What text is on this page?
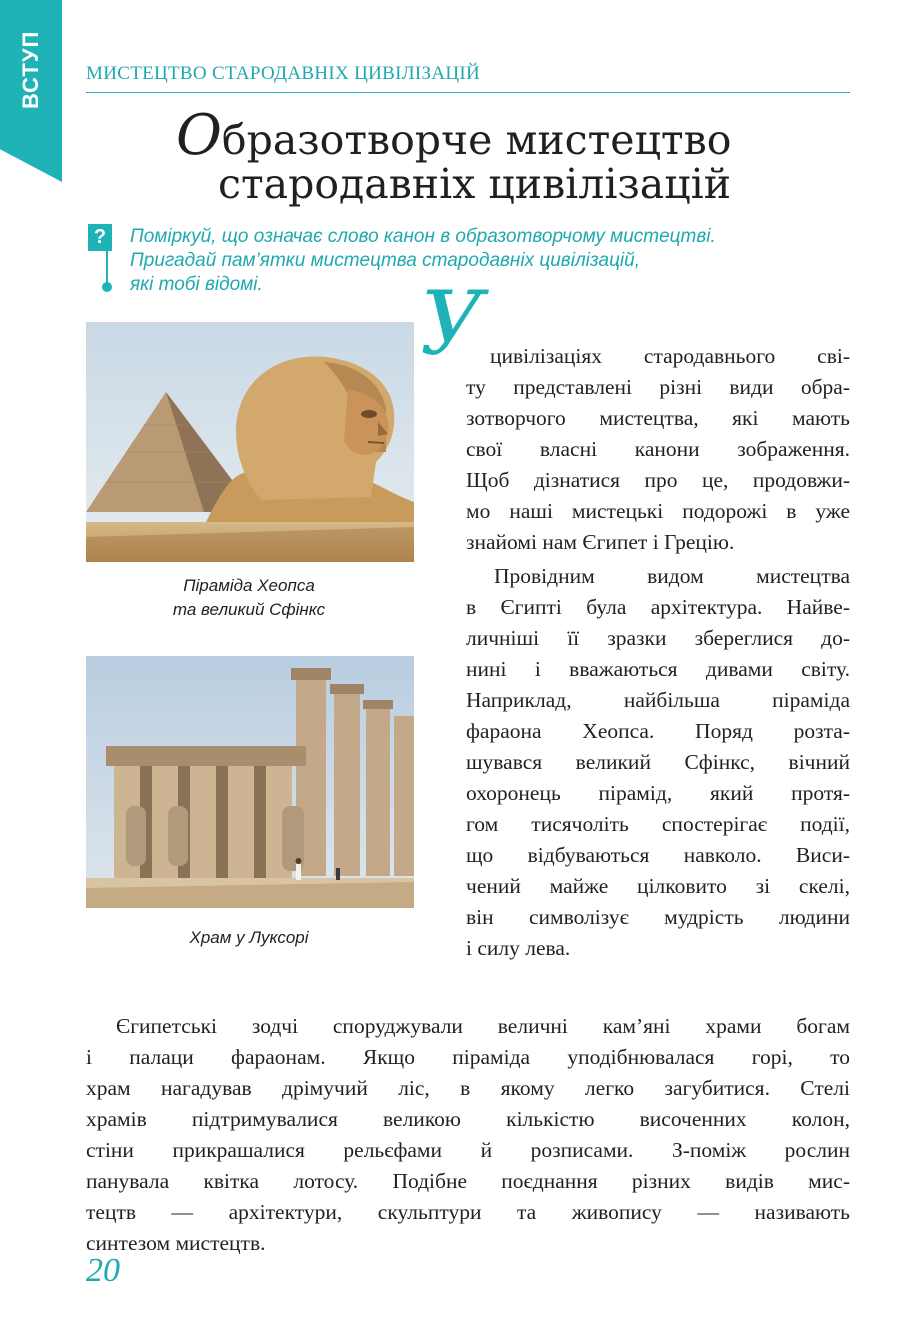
ВСТУП	МИСТЕЦТВО СТАРОДАВНІХ ЦИВІЛІЗАЦІЙ
Образотворче мистецтво
стародавніх цивілізацій
?	Поміркуй, що означає слово канон в образотворчому мистецтві.
Пригадай пам’ятки мистецтва стародавніх цивілізацій,
які тобі відомі.
Піраміда Хеопса
та великий Сфінкс
Храм у Луксорі
У цивілізаціях стародавнього сві-
ту представлені різні види обра-
зотворчого мистецтва, які мають
свої власні канони зображення.
Щоб дізнатися про це, продовжи-
мо наші мистецькі подорожі в уже
знайомі нам Єгипет і Грецію.
Провідним видом мистецтва
в Єгипті була архітектура. Найве-
личніші її зразки збереглися до-
нині і вважаються дивами світу.
Наприклад, найбільша піраміда
фараона Хеопса. Поряд розта-
шувався великий Сфінкс, вічний
охоронець пірамід, який протя-
гом тисячоліть спостерігає події,
що відбуваються навколо. Виси-
чений майже цілковито зі скелі,
він символізує мудрість людини
і силу лева.
Єгипетські зодчі споруджували величні кам’яні храми богам
і палаци фараонам. Якщо піраміда уподібнювалася горі, то
храм нагадував дрімучий ліс, в якому легко загубитися. Стелі
храмів підтримувалися великою кількістю височенних колон,
стіни прикрашалися рельєфами й розписами. З-поміж рослин
панувала квітка лотосу. Подібне поєднання різних видів мис-
тецтв — архітектури, скульптури та живопису — називають
синтезом мистецтв.
20
